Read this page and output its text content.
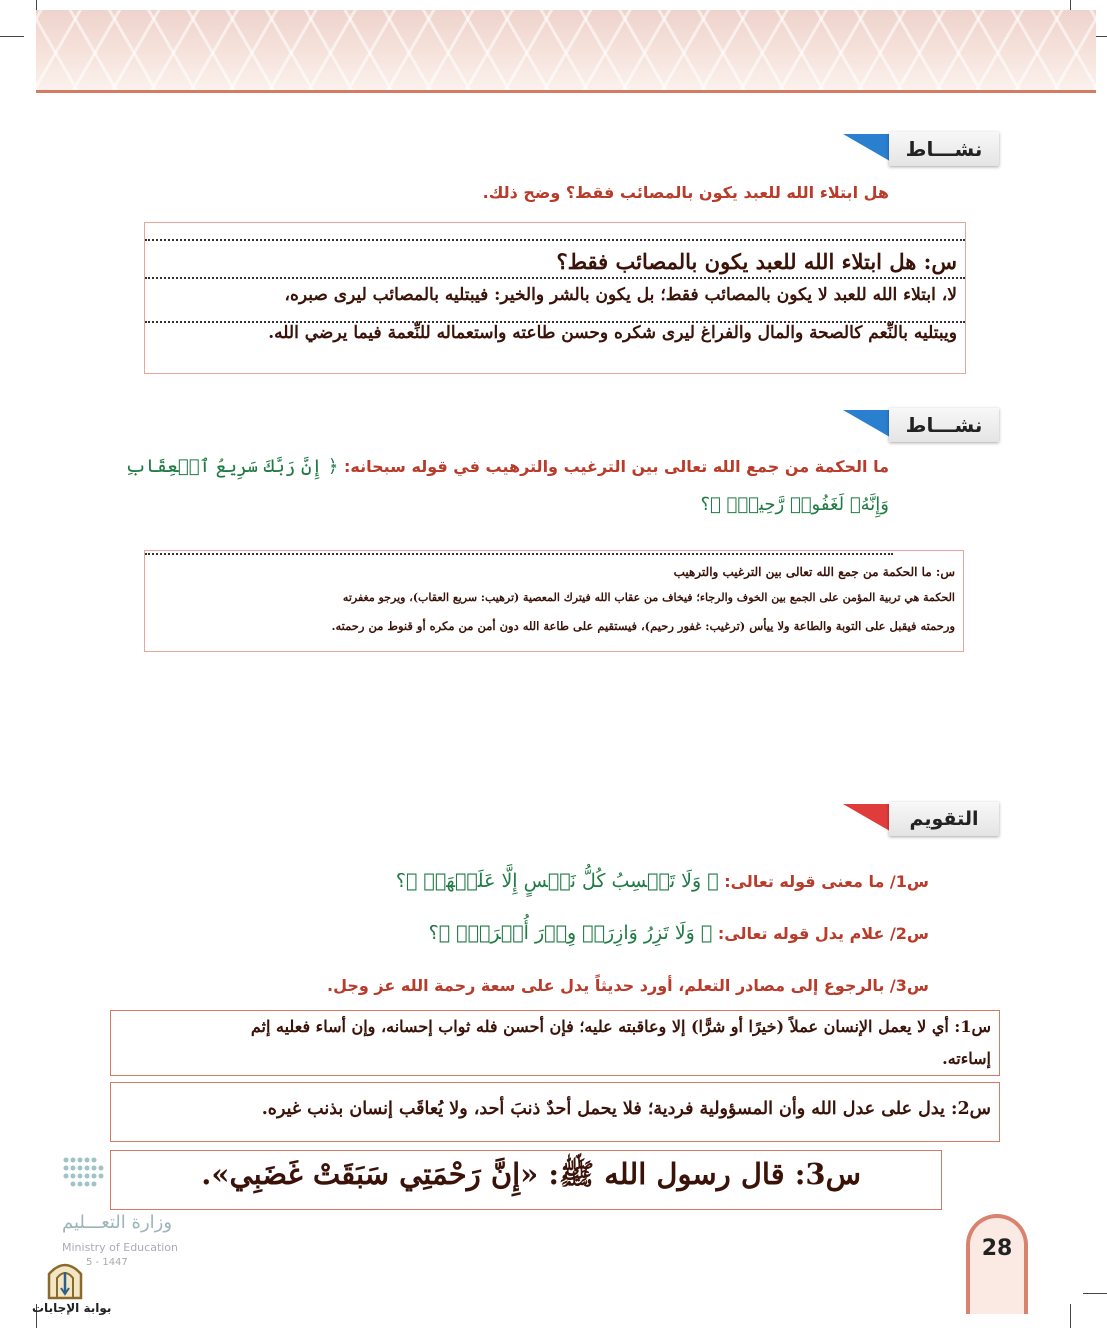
نشـــاط
هل ابتلاء الله للعبد يكون بالمصائب فقط؟ وضح ذلك.
س: هل ابتلاء الله للعبد يكون بالمصائب فقط؟
لا، ابتلاء الله للعبد لا يكون بالمصائب فقط؛ بل يكون بالشر والخير: فيبتليه بالمصائب ليرى صبره،
ويبتليه بالنِّعم كالصحة والمال والفراغ ليرى شكره وحسن طاعته واستعماله للنِّعمة فيما يرضي الله.
نشـــاط
ما الحكمة من جمع الله تعالى بين الترغيب والترهيب في قوله سبحانه: ﴿ إِنَّ رَبَّكَ سَرِيعُ ٱلۡعِقَابِ
وَإِنَّهُۥ لَغَفُورٞ رَّحِيمُۢ ﴾؟
س: ما الحكمة من جمع الله تعالى بين الترغيب والترهيب
الحكمة هي تربية المؤمن على الجمع بين الخوف والرجاء؛ فيخاف من عقاب الله فيترك المعصية (ترهيب: سريع العقاب)، ويرجو مغفرته
ورحمته فيقبل على التوبة والطاعة ولا ييأس (ترغيب: غفور رحيم)، فيستقيم على طاعة الله دون أمن من مكره أو قنوط من رحمته.
التقويم
س1/ ما معنى قوله تعالى: ﴿ وَلَا تَكۡسِبُ كُلُّ نَفۡسٍ إِلَّا عَلَيۡهَاۚ ﴾؟
س2/ علام يدل قوله تعالى: ﴿ وَلَا تَزِرُ وَازِرَةٞ وِزۡرَ أُخۡرَىٰۚ ﴾؟
س3/ بالرجوع إلى مصادر التعلم، أورد حديثاً يدل على سعة رحمة الله عز وجل.
س1: أي لا يعمل الإنسان عملاً (خيرًا أو شرًّا) إلا وعاقبته عليه؛ فإن أحسن فله ثواب إحسانه، وإن أساء فعليه إثم
إساءته.
س2: يدل على عدل الله وأن المسؤولية فردية؛ فلا يحمل أحدٌ ذنبَ أحد، ولا يُعاقَب إنسان بذنب غيره.
س3: قال رسول الله ﷺ: «إِنَّ رَحْمَتِي سَبَقَتْ غَضَبِي».
وزارة التعـــليم
Ministry of Education
5 - 1447
بوابة الإجابات
28
